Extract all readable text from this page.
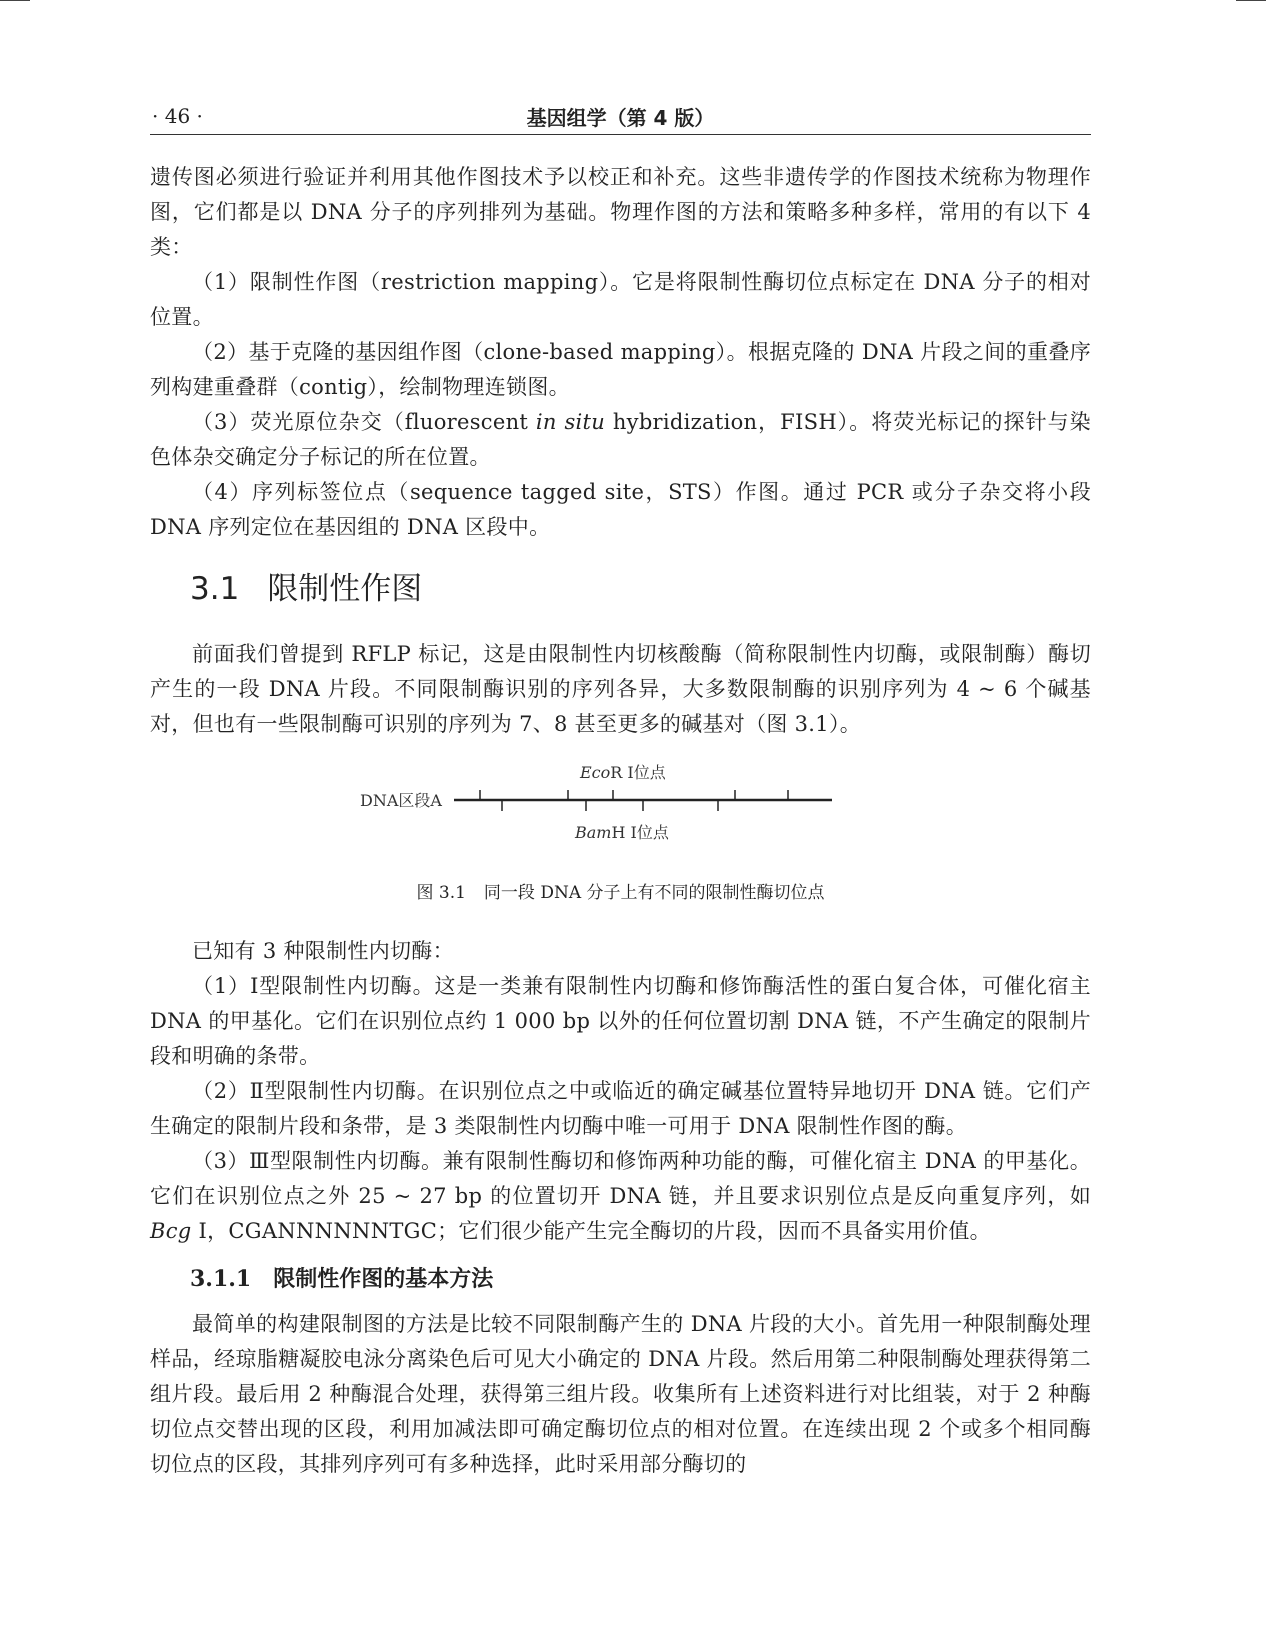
· 46 ·	基因组学（第 4 版）

遗传图必须进行验证并利用其他作图技术予以校正和补充。这些非遗传学的作图技术统称为物理作图，它们都是以 DNA 分子的序列排列为基础。物理作图的方法和策略多种多样，常用的有以下 4 类：

（1）限制性作图（restriction mapping）。它是将限制性酶切位点标定在 DNA 分子的相对位置。

（2）基于克隆的基因组作图（clone-based mapping）。根据克隆的 DNA 片段之间的重叠序列构建重叠群（contig），绘制物理连锁图。

（3）荧光原位杂交（fluorescent in situ hybridization，FISH）。将荧光标记的探针与染色体杂交确定分子标记的所在位置。

（4）序列标签位点（sequence tagged site，STS）作图。通过 PCR 或分子杂交将小段 DNA 序列定位在基因组的 DNA 区段中。

3.1 限制性作图

前面我们曾提到 RFLP 标记，这是由限制性内切核酸酶（简称限制性内切酶，或限制酶）酶切产生的一段 DNA 片段。不同限制酶识别的序列各异，大多数限制酶的识别序列为 4 ~ 6 个碱基对，但也有一些限制酶可识别的序列为 7、8 甚至更多的碱基对（图 3.1）。

DNA区段A
EcoR Ⅰ位点
BamH Ⅰ位点
图 3.1 同一段 DNA 分子上有不同的限制性酶切位点

已知有 3 种限制性内切酶：

（1）Ⅰ型限制性内切酶。这是一类兼有限制性内切酶和修饰酶活性的蛋白复合体，可催化宿主 DNA 的甲基化。它们在识别位点约 1 000 bp 以外的任何位置切割 DNA 链，不产生确定的限制片段和明确的条带。

（2）Ⅱ型限制性内切酶。在识别位点之中或临近的确定碱基位置特异地切开 DNA 链。它们产生确定的限制片段和条带，是 3 类限制性内切酶中唯一可用于 DNA 限制性作图的酶。

（3）Ⅲ型限制性内切酶。兼有限制性酶切和修饰两种功能的酶，可催化宿主 DNA 的甲基化。它们在识别位点之外 25 ~ 27 bp 的位置切开 DNA 链，并且要求识别位点是反向重复序列，如 Bcg Ⅰ，CGANNNNNNTGC；它们很少能产生完全酶切的片段，因而不具备实用价值。

3.1.1 限制性作图的基本方法

最简单的构建限制图的方法是比较不同限制酶产生的 DNA 片段的大小。首先用一种限制酶处理样品，经琼脂糖凝胶电泳分离染色后可见大小确定的 DNA 片段。然后用第二种限制酶处理获得第二组片段。最后用 2 种酶混合处理，获得第三组片段。收集所有上述资料进行对比组装，对于 2 种酶切位点交替出现的区段，利用加减法即可确定酶切位点的相对位置。在连续出现 2 个或多个相同酶切位点的区段，其排列序列可有多种选择，此时采用部分酶切的
